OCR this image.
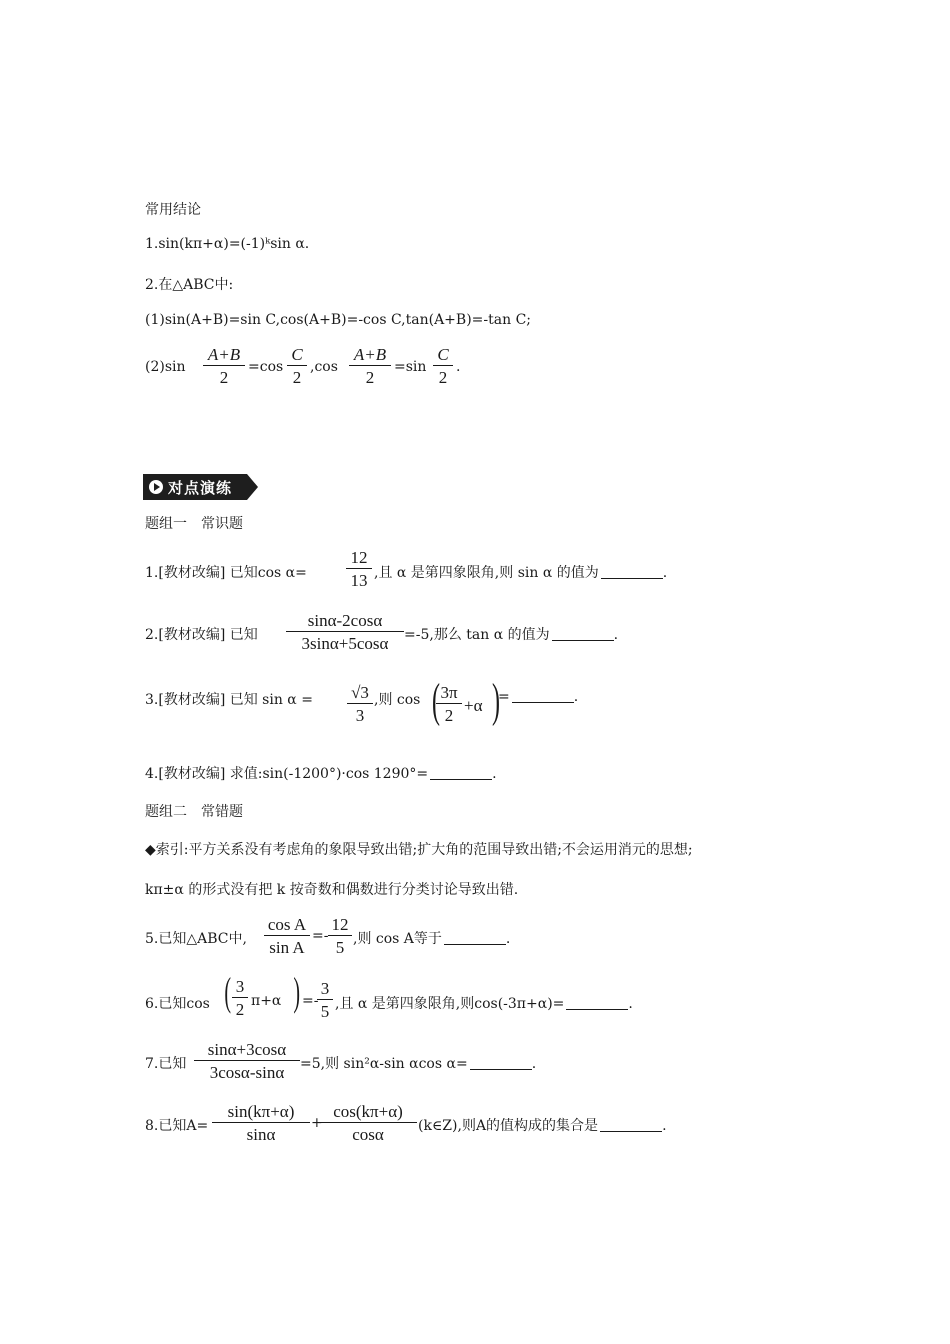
常用结论
1.sin(kπ+α)=(-1)ᵏsin α.
2.在△ABC中:
(1)sin(A+B)=sin C,cos(A+B)=-cos C,tan(A+B)=-tan C;
$(2)\sin \frac{A+B}{2} =\cos \frac{C}{2} ,\cos \frac{A+B}{2} =\sin \frac{C}{2}$ .
对点演练
题组一　常识题
1.[教材改编] 已知$\cos \alpha= \frac{12}{13}$ ,且 α 是第四象限角,则 sin α 的值为	.
2.[教材改编] 已知 $\frac{\sin\alpha-2\cos\alpha}{3\sin\alpha+5\cos\alpha} =-5$,那么 tan α 的值为	.
3.[教材改编] 已知 $\sin \alpha = \frac{√3}{3}$ ,则 cos (
$\frac{3\pi}{2} +\alpha$ )
=	.
4.[教材改编] 求值:sin(-1200°)·cos 1290°=	.
题组二　常错题
◆索引:平方关系没有考虑角的象限导致出错;扩大角的范围导致出错;不会运用消元的思想;
kπ±α 的形式没有把 k 按奇数和偶数进行分类讨论导致出错.
5.已知△ABC中, $\frac{\text{cos A}}{\text{sin A}} =- \frac{12}{5}$ ,则 cos A等于	.
6.已知cos ( $\frac{3}{2} \pi+\alpha$ ) =-
$\frac{3}{5}$ ,且 α 是第四象限角,则cos(-3π+α)=	.
7.已知 $\frac{\sin\alpha+3\cos\alpha}{3\cos\alpha-\sin\alpha} =5$,则 sin²α-sin αcos α=	.
8.已知$A= \frac{\sin(k\pi+\alpha)}{\sin\alpha}$ +
$\frac{\cos(k\pi+\alpha)}{\cos\alpha}$ (k∈Z),则A的值构成的集合是	.
